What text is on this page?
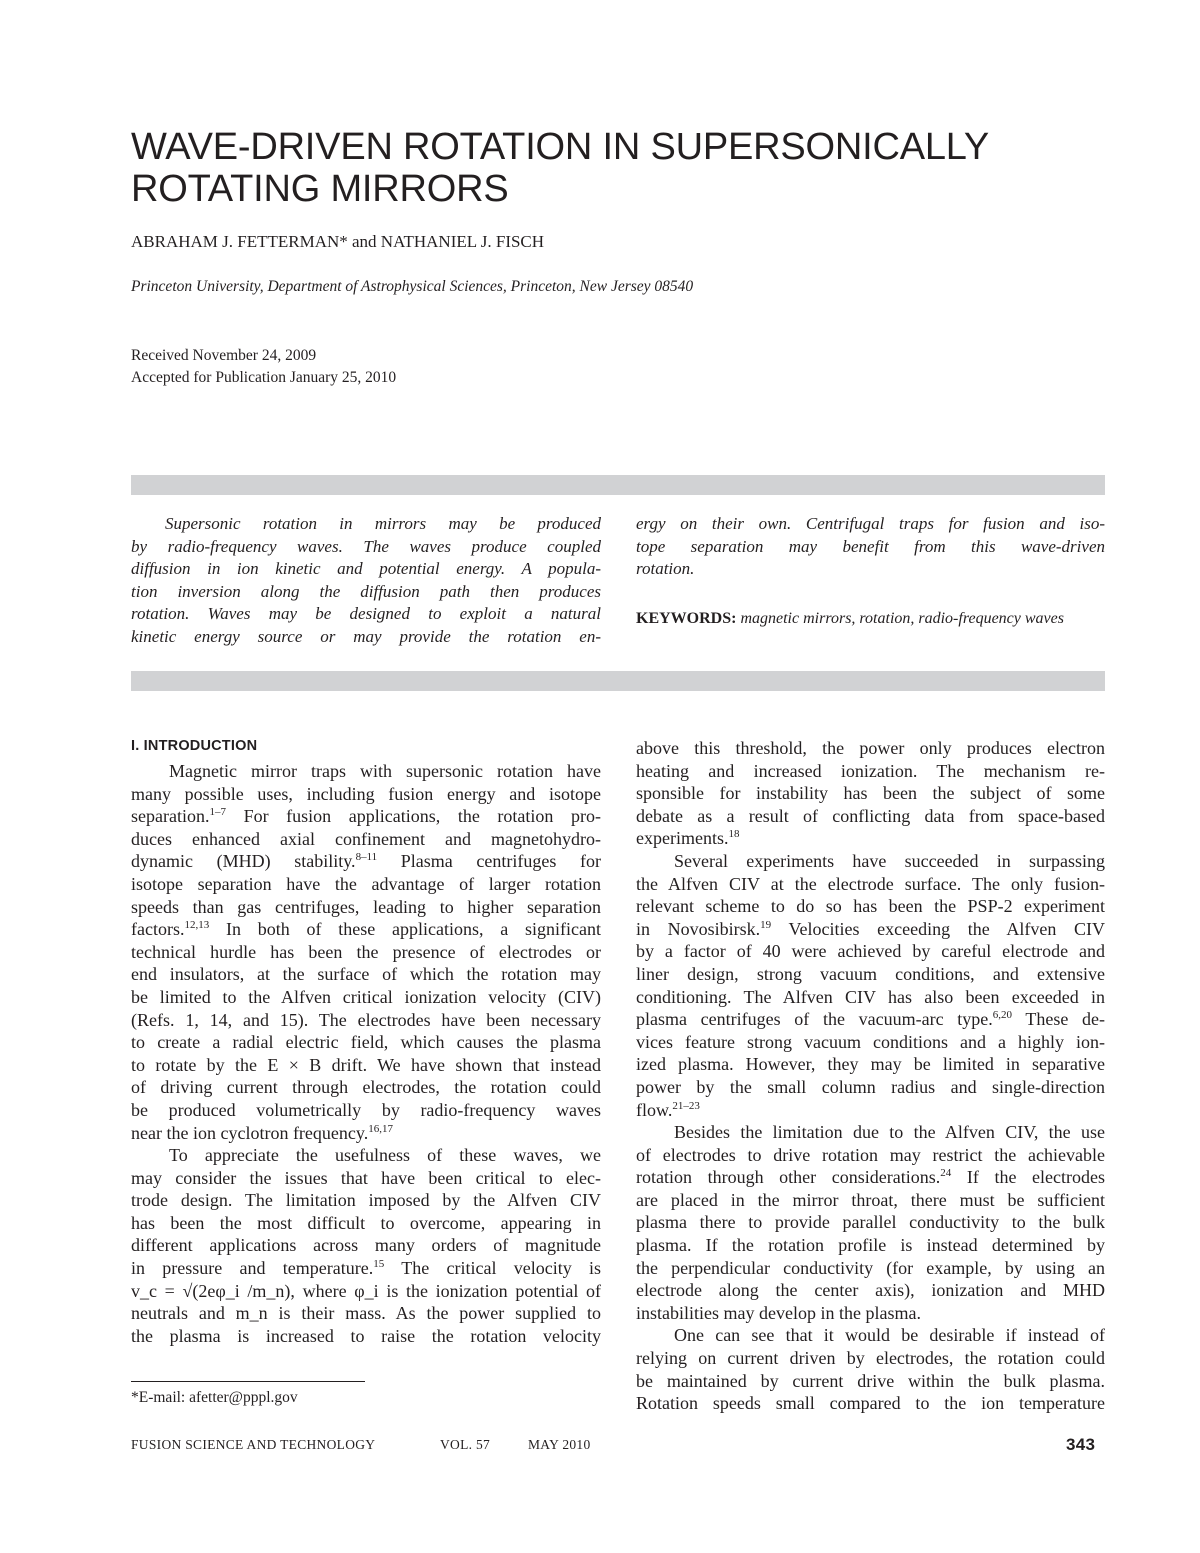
WAVE-DRIVEN ROTATION IN SUPERSONICALLY
ROTATING MIRRORS
ABRAHAM J. FETTERMAN* and NATHANIEL J. FISCH
Princeton University, Department of Astrophysical Sciences, Princeton, New Jersey 08540
Received November 24, 2009
Accepted for Publication January 25, 2010
Supersonic rotation in mirrors may be produced
by radio-frequency waves. The waves produce coupled
diffusion in ion kinetic and potential energy. A popula-
tion inversion along the diffusion path then produces
rotation. Waves may be designed to exploit a natural
kinetic energy source or may provide the rotation en-
ergy on their own. Centrifugal traps for fusion and iso-
tope separation may benefit from this wave-driven
rotation.
KEYWORDS: magnetic mirrors, rotation, radio-frequency waves
I. INTRODUCTION
Magnetic mirror traps with supersonic rotation have
many possible uses, including fusion energy and isotope
separation.$^{1-7}$ For fusion applications, the rotation pro-
duces enhanced axial confinement and magnetohydro-
dynamic (MHD) stability.$^{8-11}$ Plasma centrifuges for
isotope separation have the advantage of larger rotation
speeds than gas centrifuges, leading to higher separation
factors.$^{12,13}$ In both of these applications, a significant
technical hurdle has been the presence of electrodes or
end insulators, at the surface of which the rotation may
be limited to the Alfven critical ionization velocity (CIV)
(Refs. 1, 14, and 15). The electrodes have been necessary
to create a radial electric field, which causes the plasma
to rotate by the E × B drift. We have shown that instead
of driving current through electrodes, the rotation could
be produced volumetrically by radio-frequency waves
near the ion cyclotron frequency.$^{16,17}$
To appreciate the usefulness of these waves, we
may consider the issues that have been critical to elec-
trode design. The limitation imposed by the Alfven CIV
has been the most difficult to overcome, appearing in
different applications across many orders of magnitude
in pressure and temperature.$^{15}$ The critical velocity is
v_c = √(2eφ_i /m_n), where φ_i is the ionization potential of
neutrals and m_n is their mass. As the power supplied to
the plasma is increased to raise the rotation velocity
above this threshold, the power only produces electron
heating and increased ionization. The mechanism re-
sponsible for instability has been the subject of some
debate as a result of conflicting data from space-based
experiments.$^{18}$
Several experiments have succeeded in surpassing
the Alfven CIV at the electrode surface. The only fusion-
relevant scheme to do so has been the PSP-2 experiment
in Novosibirsk.$^{19}$ Velocities exceeding the Alfven CIV
by a factor of 40 were achieved by careful electrode and
liner design, strong vacuum conditions, and extensive
conditioning. The Alfven CIV has also been exceeded in
plasma centrifuges of the vacuum-arc type.$^{6,20}$ These de-
vices feature strong vacuum conditions and a highly ion-
ized plasma. However, they may be limited in separative
power by the small column radius and single-direction
flow.$^{21-23}$
Besides the limitation due to the Alfven CIV, the use
of electrodes to drive rotation may restrict the achievable
rotation through other considerations.$^{24}$ If the electrodes
are placed in the mirror throat, there must be sufficient
plasma there to provide parallel conductivity to the bulk
plasma. If the rotation profile is instead determined by
the perpendicular conductivity (for example, by using an
electrode along the center axis), ionization and MHD
instabilities may develop in the plasma.
One can see that it would be desirable if instead of
relying on current driven by electrodes, the rotation could
be maintained by current drive within the bulk plasma.
Rotation speeds small compared to the ion temperature
*E-mail: afetter@pppl.gov
FUSION SCIENCE AND TECHNOLOGY	VOL. 57	MAY 2010	343
